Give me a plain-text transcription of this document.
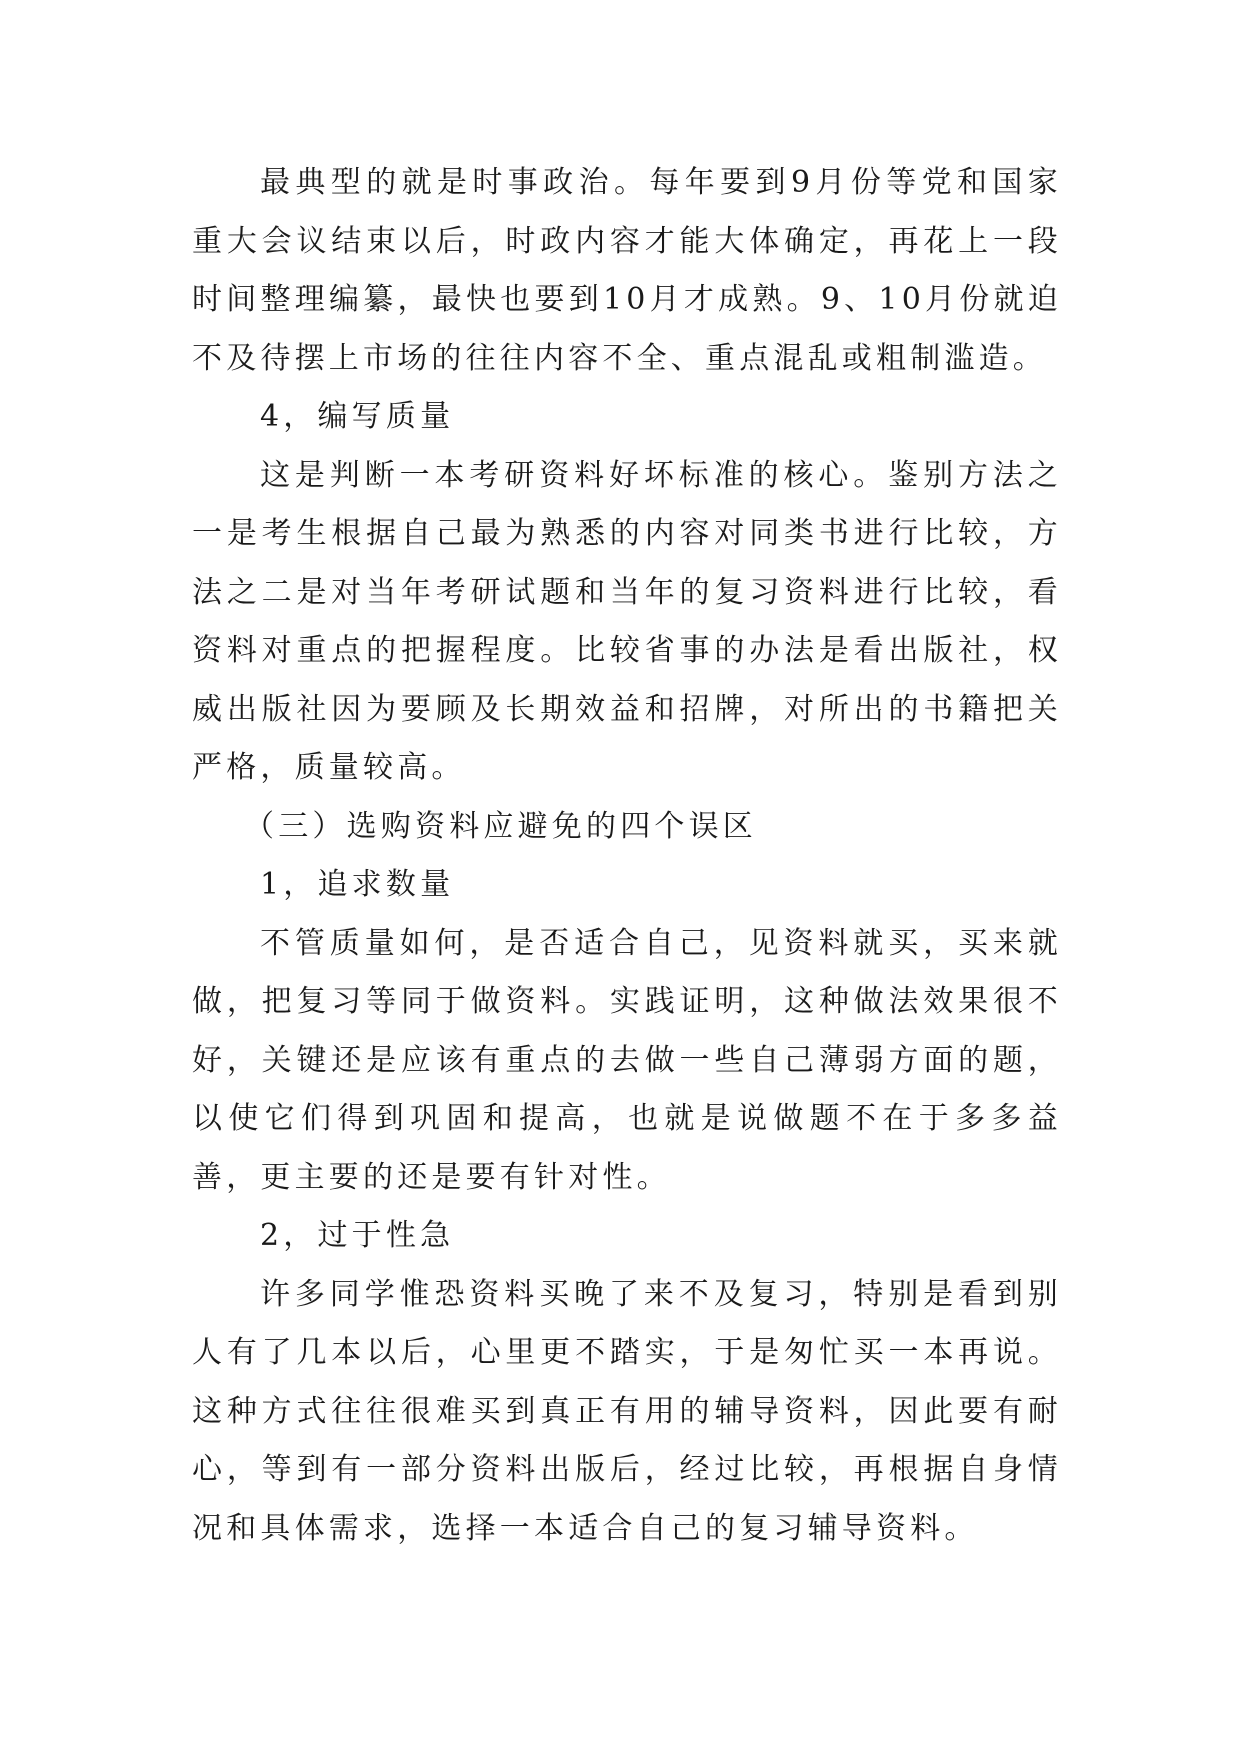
最典型的就是时事政治。每年要到9月份等党和国家重大会议结束以后，时政内容才能大体确定，再花上一段时间整理编纂，最快也要到10月才成熟。9、10月份就迫不及待摆上市场的往往内容不全、重点混乱或粗制滥造。

4，编写质量

这是判断一本考研资料好坏标准的核心。鉴别方法之一是考生根据自己最为熟悉的内容对同类书进行比较，方法之二是对当年考研试题和当年的复习资料进行比较，看资料对重点的把握程度。比较省事的办法是看出版社，权威出版社因为要顾及长期效益和招牌，对所出的书籍把关严格，质量较高。

（三）选购资料应避免的四个误区

1，追求数量

不管质量如何，是否适合自己，见资料就买，买来就做，把复习等同于做资料。实践证明，这种做法效果很不好，关键还是应该有重点的去做一些自己薄弱方面的题，以使它们得到巩固和提高，也就是说做题不在于多多益善，更主要的还是要有针对性。

2，过于性急

许多同学惟恐资料买晚了来不及复习，特别是看到别人有了几本以后，心里更不踏实，于是匆忙买一本再说。这种方式往往很难买到真正有用的辅导资料，因此要有耐心，等到有一部分资料出版后，经过比较，再根据自身情况和具体需求，选择一本适合自己的复习辅导资料。
